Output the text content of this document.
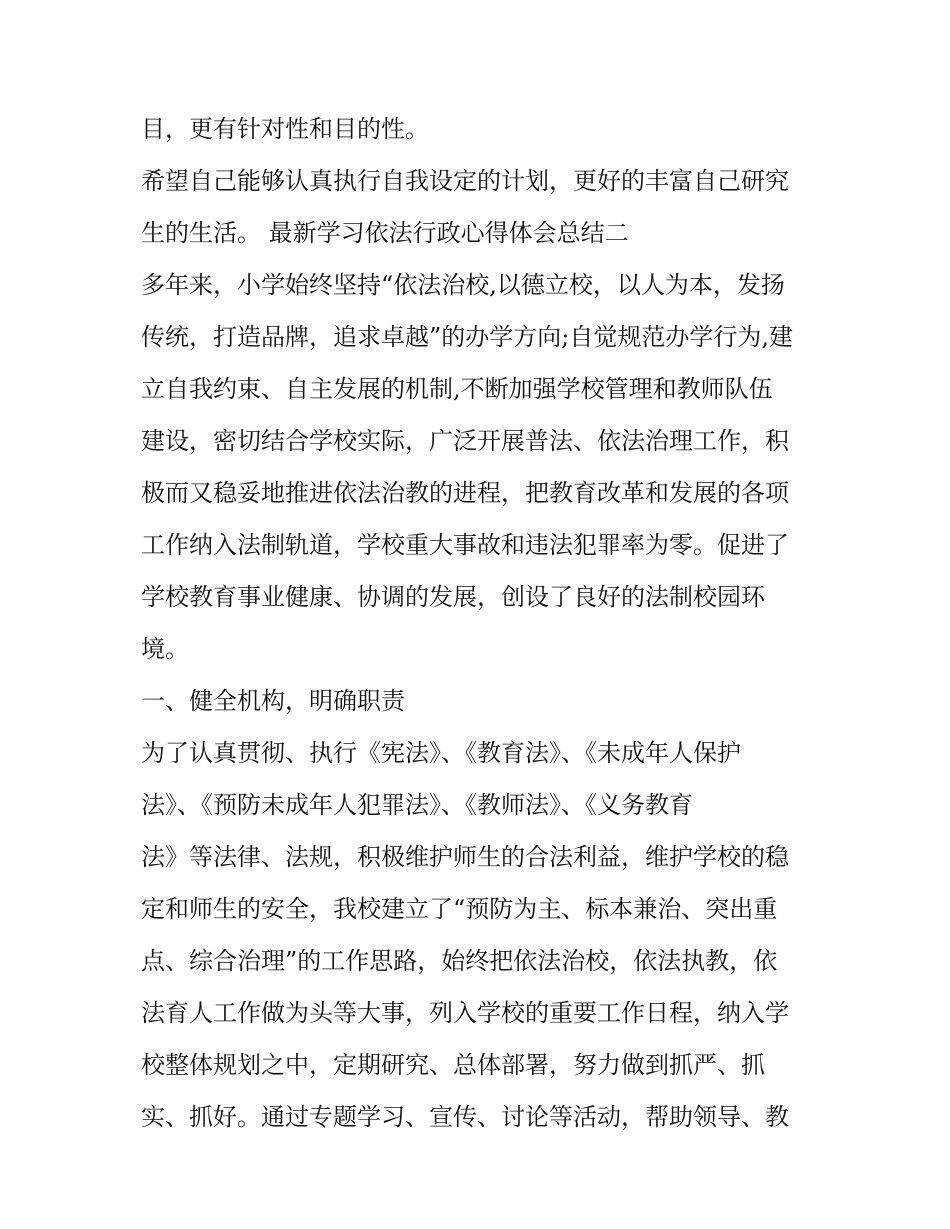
目，更有针对性和目的性。

希望自己能够认真执行自我设定的计划，更好的丰富自己研究

生的生活。 最新学习依法行政心得体会总结二

多年来，小学始终坚持“依法治校,以德立校，以人为本，发扬

传统，打造品牌，追求卓越”的办学方向;自觉规范办学行为,建

立自我约束、自主发展的机制,不断加强学校管理和教师队伍

建设，密切结合学校实际，广泛开展普法、依法治理工作，积

极而又稳妥地推进依法治教的进程，把教育改革和发展的各项

工作纳入法制轨道，学校重大事故和违法犯罪率为零。促进了

学校教育事业健康、协调的发展，创设了良好的法制校园环

境。

一、健全机构，明确职责

为了认真贯彻、执行《宪法》、《教育法》、《未成年人保护

法》、《预防未成年人犯罪法》、《教师法》、《义务教育

法》等法律、法规，积极维护师生的合法利益，维护学校的稳

定和师生的安全，我校建立了“预防为主、标本兼治、突出重

点、综合治理”的工作思路，始终把依法治校，依法执教，依

法育人工作做为头等大事，列入学校的重要工作日程，纳入学

校整体规划之中，定期研究、总体部署，努力做到抓严、抓

实、抓好。通过专题学习、宣传、讨论等活动，帮助领导、教
